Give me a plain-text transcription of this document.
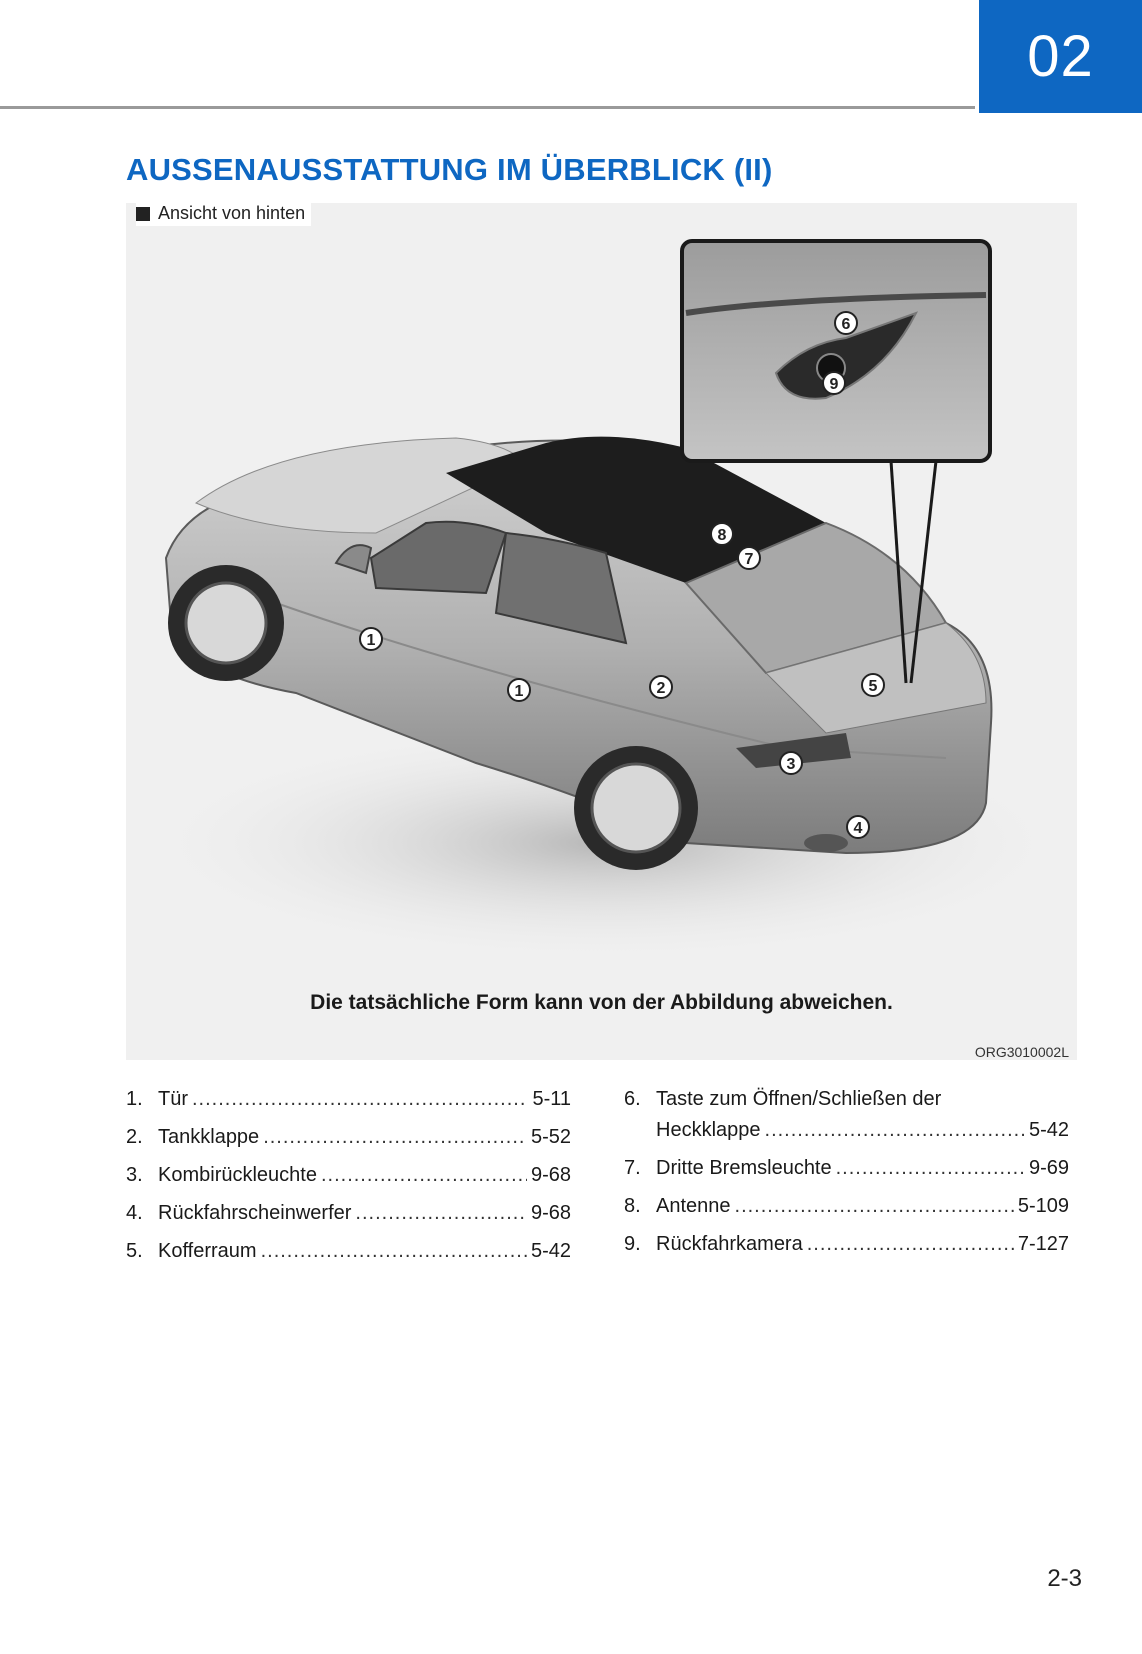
02
AUSSENAUSSTATTUNG IM ÜBERBLICK (II)
1
1	2
3
4
5
6
7
8
9
Ansicht von hinten
Die tatsächliche Form kann von der Abbildung abweichen.
ORG3010002L
1. Tür .....	5-11
2. Tankklappe .....	5-52
3. Kombirückleuchte .....	9-68
4. Rückfahrscheinwerfer .....	9-68
5. Kofferraum .....	5-42
6. Taste zum Öffnen/Schließen der
Heckklappe .....	5-42
7. Dritte Bremsleuchte .....	9-69
8. Antenne .....	5-109
9. Rückfahrkamera .....	7-127
2-3
